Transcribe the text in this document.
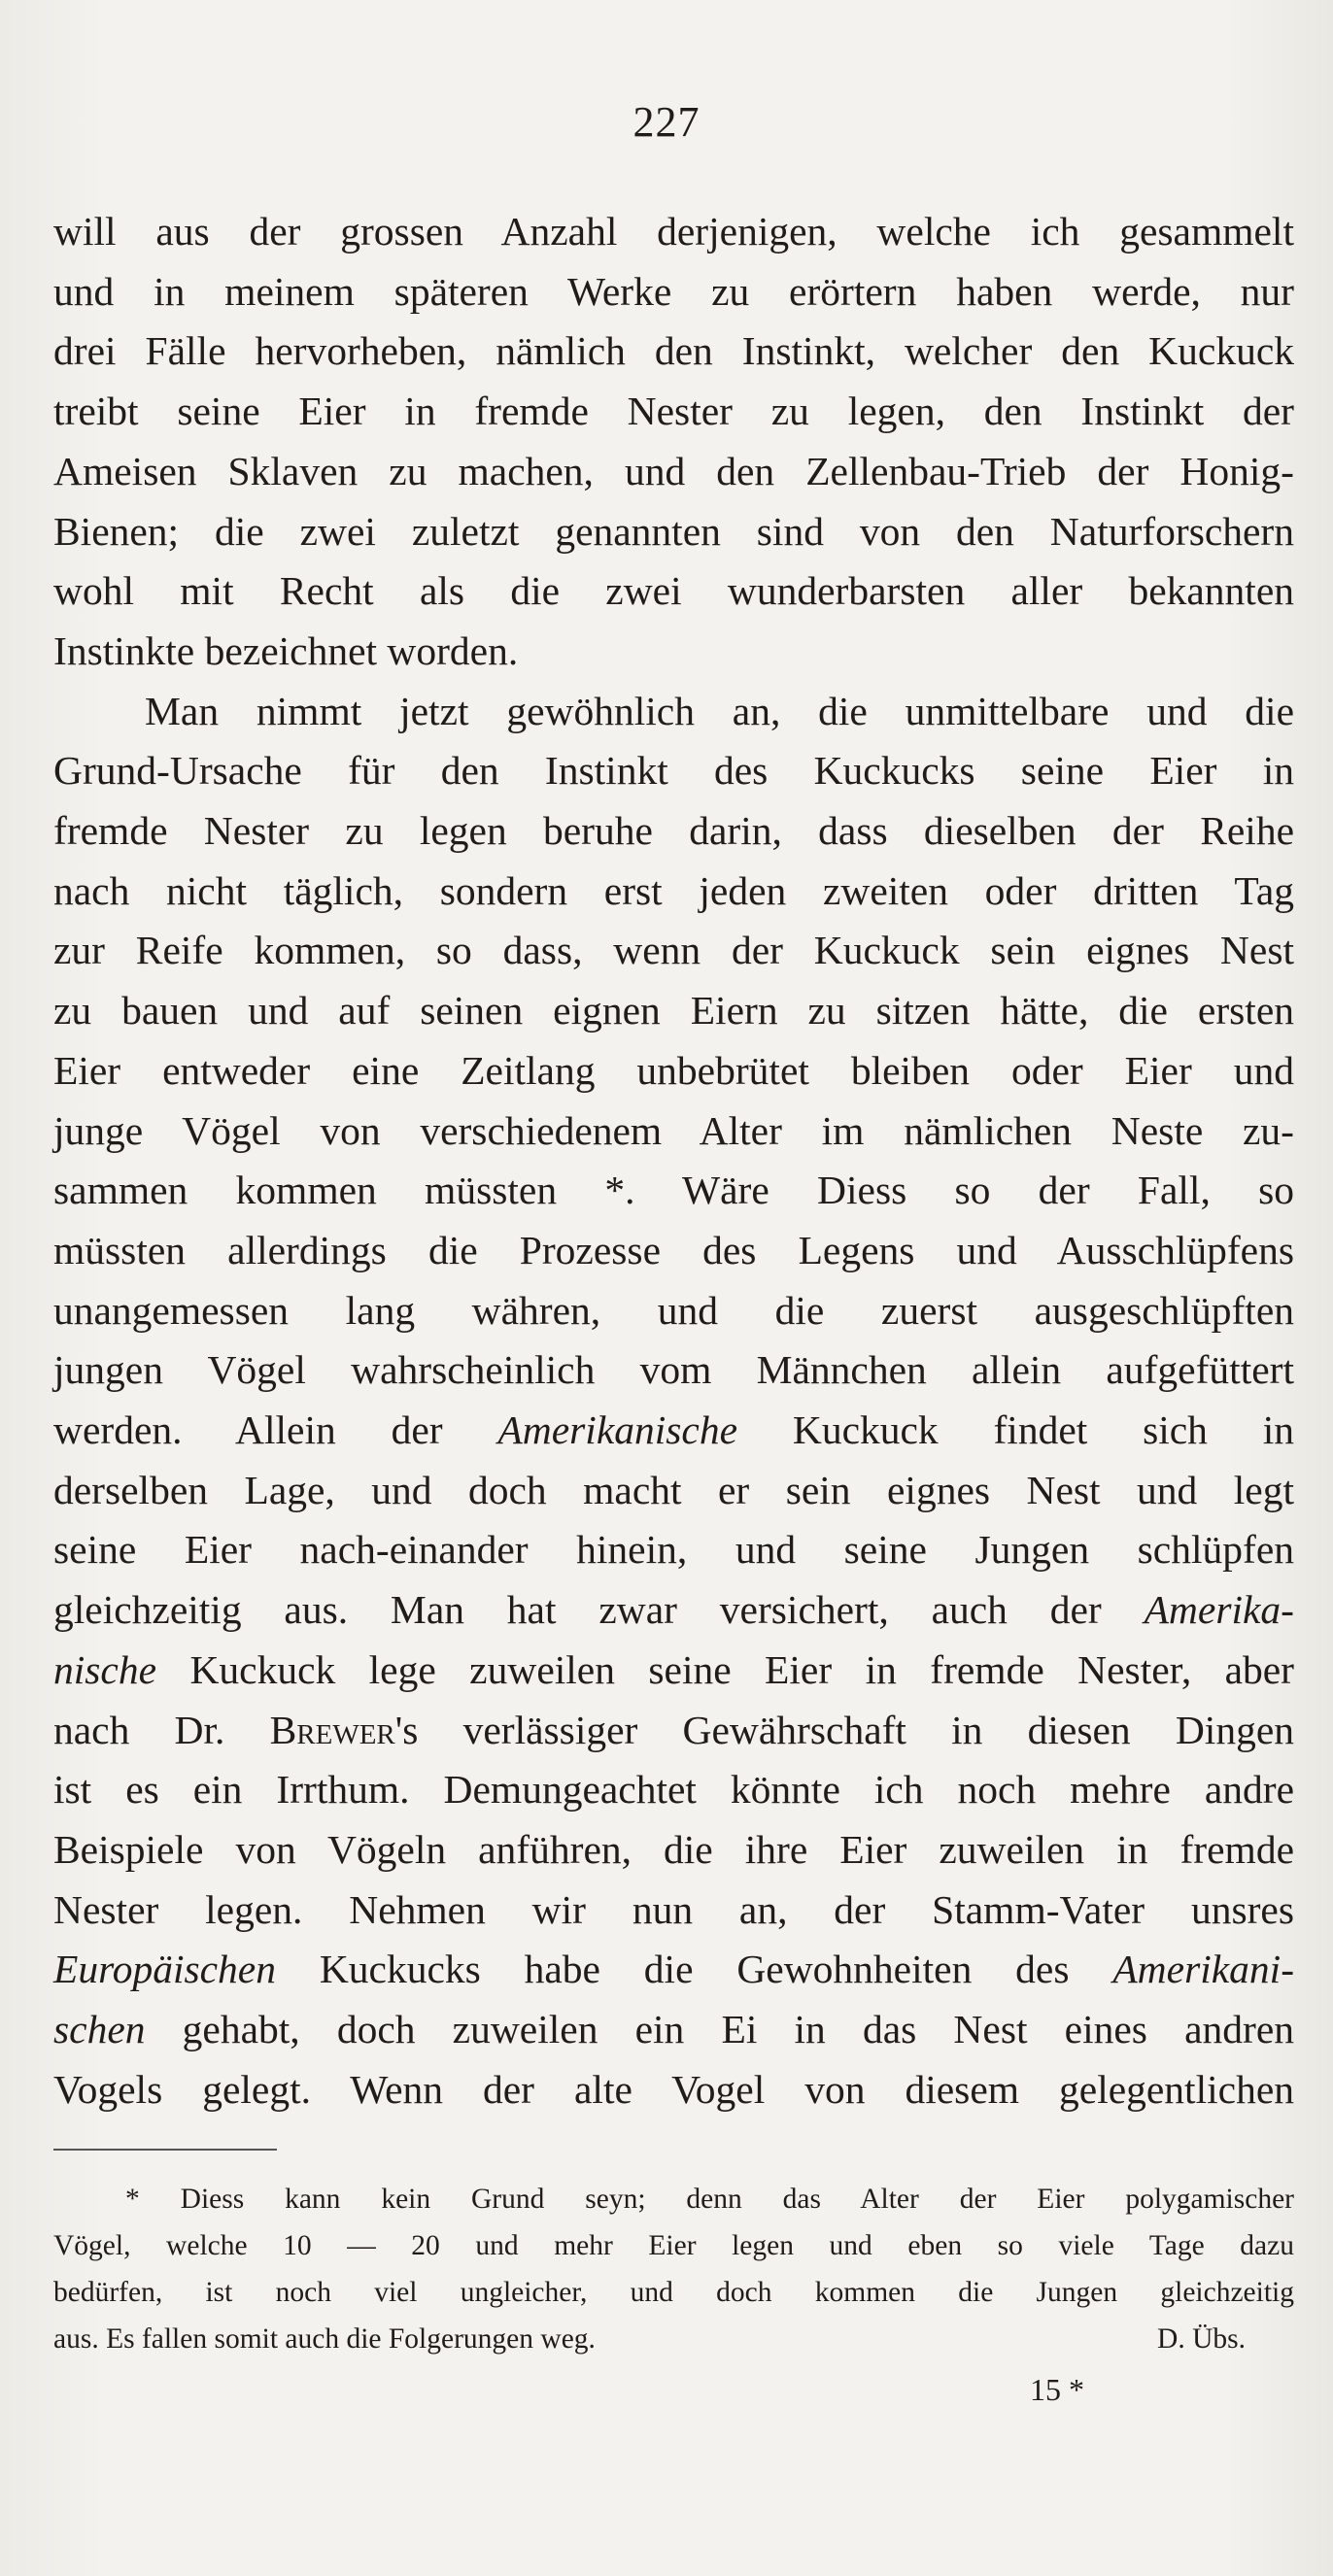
227
will aus der grossen Anzahl derjenigen, welche ich gesammelt
und in meinem späteren Werke zu erörtern haben werde, nur
drei Fälle hervorheben, nämlich den Instinkt, welcher den Kuckuck
treibt seine Eier in fremde Nester zu legen, den Instinkt der
Ameisen Sklaven zu machen, und den Zellenbau-Trieb der Honig-
Bienen; die zwei zuletzt genannten sind von den Naturforschern
wohl mit Recht als die zwei wunderbarsten aller bekannten
Instinkte bezeichnet worden.
Man nimmt jetzt gewöhnlich an, die unmittelbare und die
Grund-Ursache für den Instinkt des Kuckucks seine Eier in
fremde Nester zu legen beruhe darin, dass dieselben der Reihe
nach nicht täglich, sondern erst jeden zweiten oder dritten Tag
zur Reife kommen, so dass, wenn der Kuckuck sein eignes Nest
zu bauen und auf seinen eignen Eiern zu sitzen hätte, die ersten
Eier entweder eine Zeitlang unbebrütet bleiben oder Eier und
junge Vögel von verschiedenem Alter im nämlichen Neste zu-
sammen kommen müssten *. Wäre Diess so der Fall, so
müssten allerdings die Prozesse des Legens und Ausschlüpfens
unangemessen lang währen, und die zuerst ausgeschlüpften
jungen Vögel wahrscheinlich vom Männchen allein aufgefüttert
werden. Allein der Amerikanische Kuckuck findet sich in
derselben Lage, und doch macht er sein eignes Nest und legt
seine Eier nach-einander hinein, und seine Jungen schlüpfen
gleichzeitig aus. Man hat zwar versichert, auch der Amerika-
nische Kuckuck lege zuweilen seine Eier in fremde Nester, aber
nach Dr. Brewer's verlässiger Gewährschaft in diesen Dingen
ist es ein Irrthum. Demungeachtet könnte ich noch mehre andre
Beispiele von Vögeln anführen, die ihre Eier zuweilen in fremde
Nester legen. Nehmen wir nun an, der Stamm-Vater unsres
Europäischen Kuckucks habe die Gewohnheiten des Amerikani-
schen gehabt, doch zuweilen ein Ei in das Nest eines andren
Vogels gelegt. Wenn der alte Vogel von diesem gelegentlichen
* Diess kann kein Grund seyn; denn das Alter der Eier polygamischer
Vögel, welche 10 — 20 und mehr Eier legen und eben so viele Tage dazu
bedürfen, ist noch viel ungleicher, und doch kommen die Jungen gleichzeitig
aus. Es fallen somit auch die Folgerungen weg.	D. Übs.
15 *
